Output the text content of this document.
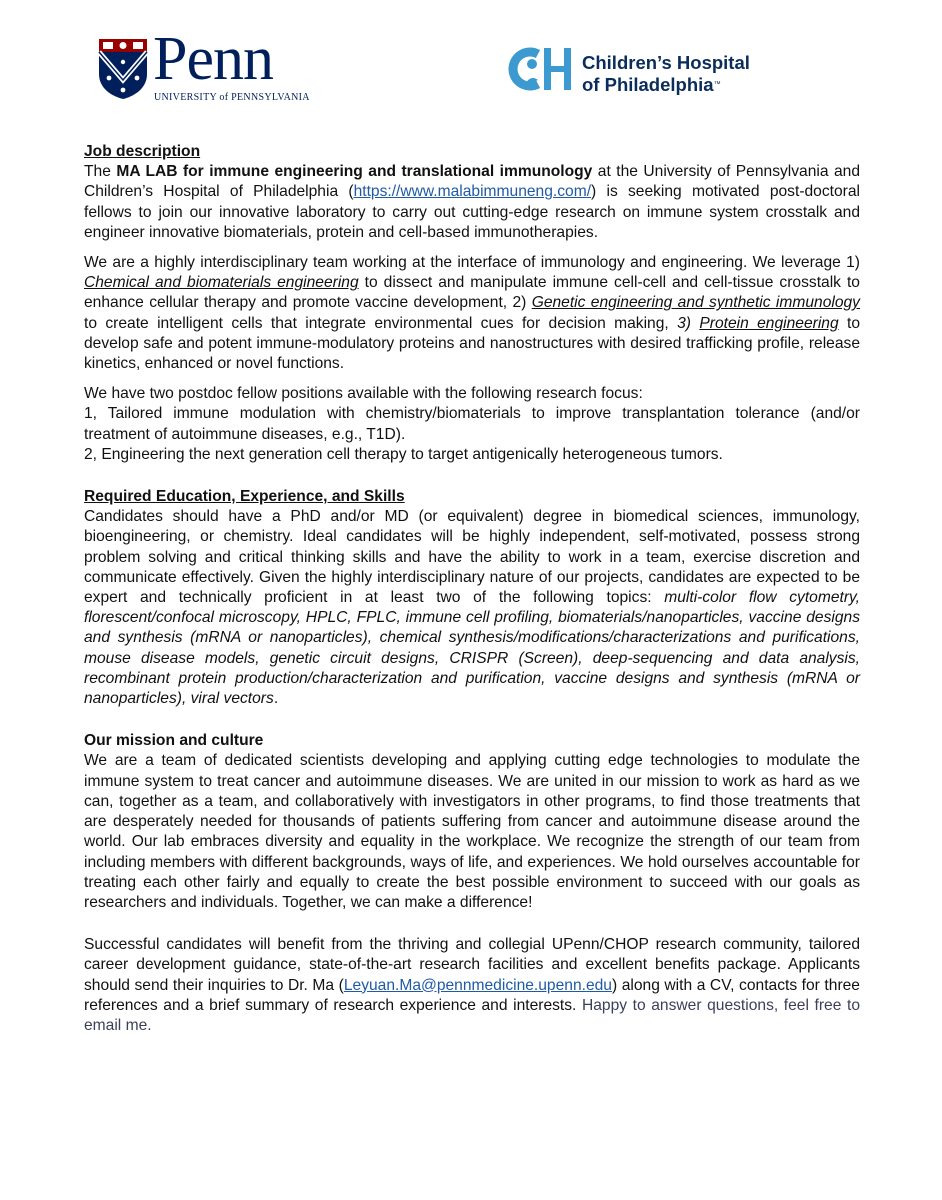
Penn
UNIVERSITY of PENNSYLVANIA
Children’s Hospital
of Philadelphia™

Job description

The MA LAB for immune engineering and translational immunology at the University of Pennsylvania and Children’s Hospital of Philadelphia (https://www.malabimmuneng.com/) is seeking motivated post-doctoral fellows to join our innovative laboratory to carry out cutting-edge research on immune system crosstalk and engineer innovative biomaterials, protein and cell-based immunotherapies.

We are a highly interdisciplinary team working at the interface of immunology and engineering. We leverage 1) Chemical and biomaterials engineering to dissect and manipulate immune cell-cell and cell-tissue crosstalk to enhance cellular therapy and promote vaccine development, 2) Genetic engineering and synthetic immunology to create intelligent cells that integrate environmental cues for decision making, 3) Protein engineering to develop safe and potent immune-modulatory proteins and nanostructures with desired trafficking profile, release kinetics, enhanced or novel functions.

We have two postdoc fellow positions available with the following research focus:

1, Tailored immune modulation with chemistry/biomaterials to improve transplantation tolerance (and/or treatment of autoimmune diseases, e.g., T1D).

2, Engineering the next generation cell therapy to target antigenically heterogeneous tumors.

Required Education, Experience, and Skills

Candidates should have a PhD and/or MD (or equivalent) degree in biomedical sciences, immunology, bioengineering, or chemistry. Ideal candidates will be highly independent, self-motivated, possess strong problem solving and critical thinking skills and have the ability to work in a team, exercise discretion and communicate effectively. Given the highly interdisciplinary nature of our projects, candidates are expected to be expert and technically proficient in at least two of the following topics: multi-color flow cytometry, florescent/confocal microscopy, HPLC, FPLC, immune cell profiling, biomaterials/nanoparticles, vaccine designs and synthesis (mRNA or nanoparticles), chemical synthesis/modifications/characterizations and purifications, mouse disease models, genetic circuit designs, CRISPR (Screen), deep-sequencing and data analysis, recombinant protein production/characterization and purification, vaccine designs and synthesis (mRNA or nanoparticles), viral vectors.

Our mission and culture

We are a team of dedicated scientists developing and applying cutting edge technologies to modulate the immune system to treat cancer and autoimmune diseases. We are united in our mission to work as hard as we can, together as a team, and collaboratively with investigators in other programs, to find those treatments that are desperately needed for thousands of patients suffering from cancer and autoimmune disease around the world. Our lab embraces diversity and equality in the workplace. We recognize the strength of our team from including members with different backgrounds, ways of life, and experiences. We hold ourselves accountable for treating each other fairly and equally to create the best possible environment to succeed with our goals as researchers and individuals. Together, we can make a difference!

Successful candidates will benefit from the thriving and collegial UPenn/CHOP research community, tailored career development guidance, state-of-the-art research facilities and excellent benefits package. Applicants should send their inquiries to Dr. Ma (Leyuan.Ma@pennmedicine.upenn.edu) along with a CV, contacts for three references and a brief summary of research experience and interests. Happy to answer questions, feel free to email me.
